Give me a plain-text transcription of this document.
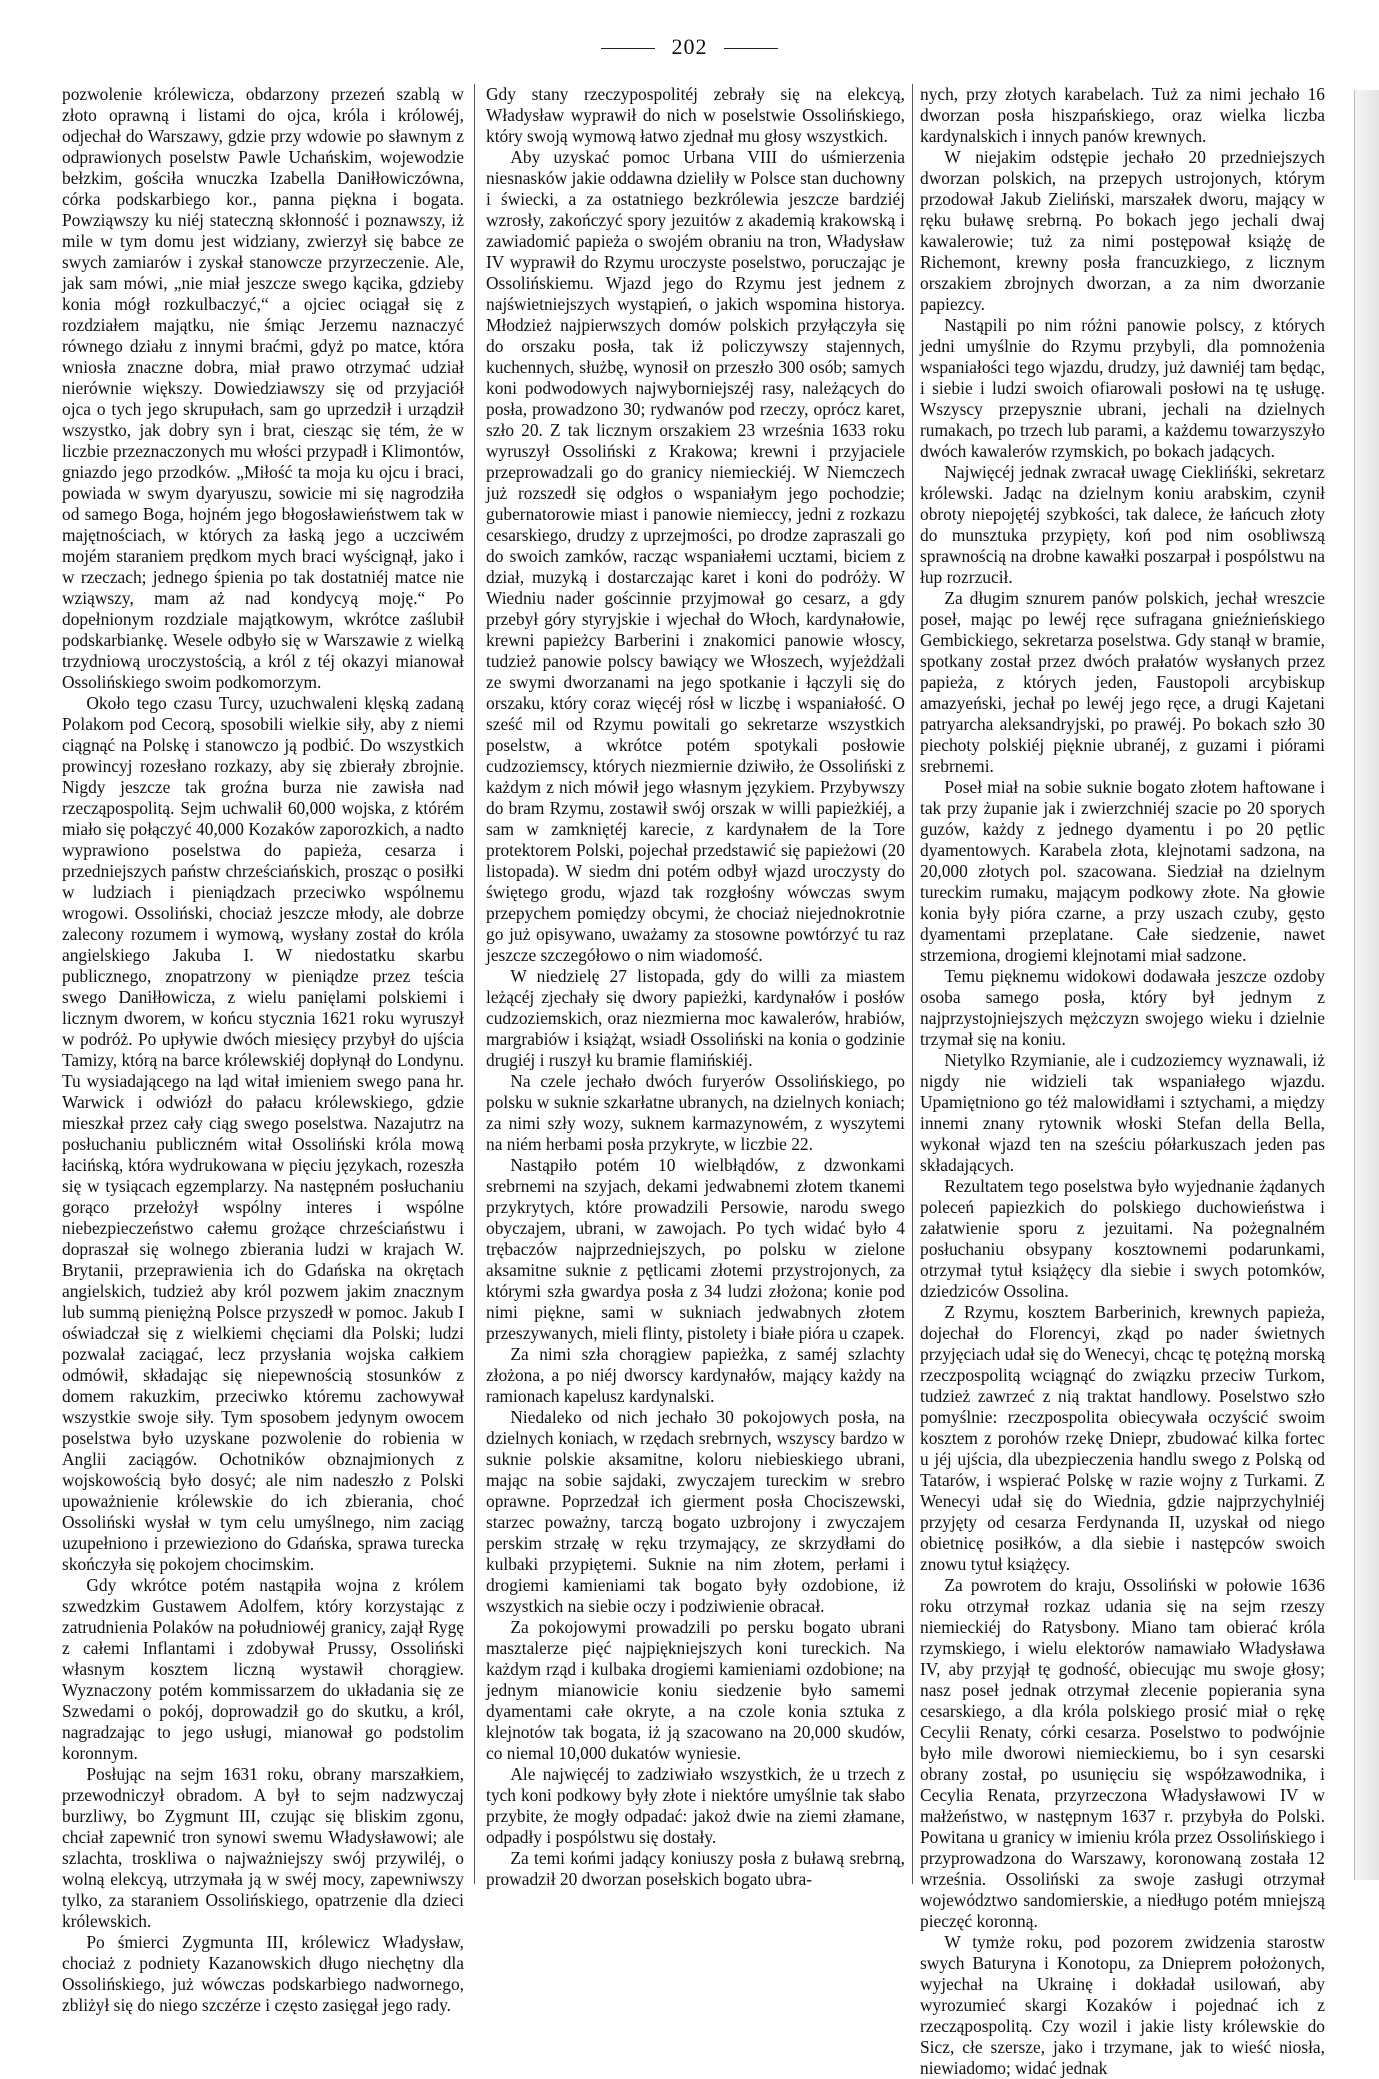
202

pozwolenie królewicza, obdarzony przezeń szablą w złoto oprawną i listami do ojca, króla i królowéj, odjechał do Warszawy, gdzie przy wdowie po sławnym z odprawionych poselstw Pawle Uchańskim, wojewodzie bełzkim, gościła wnuczka Izabella Daniłłowiczówna, córka podskarbiego kor., panna piękna i bogata. Powziąwszy ku niéj stateczną skłonność i poznawszy, iż mile w tym domu jest widziany, zwierzył się babce ze swych zamiarów i zyskał stanowcze przyrzeczenie. Ale, jak sam mówi, „nie miał jeszcze swego kącika, gdzieby konia mógł rozkulbaczyć,“ a ojciec ociągał się z rozdziałem majątku, nie śmiąc Jerzemu naznaczyć równego działu z innymi braćmi, gdyż po matce, która wniosła znaczne dobra, miał prawo otrzymać udział nierównie większy. Dowiedziawszy się od przyjaciół ojca o tych jego skrupułach, sam go uprzedził i urządził wszystko, jak dobry syn i brat, ciesząc się tém, że w liczbie przeznaczonych mu włości przypadł i Klimontów, gniazdo jego przodków. „Miłość ta moja ku ojcu i braci, powiada w swym dyaryuszu, sowicie mi się nagrodziła od samego Boga, hojném jego błogosławieństwem tak w majętnościach, w których za łaską jego a uczciwém mojém staraniem prędkom mych braci wyścignął, jako i w rzeczach; jednego śpienia po tak dostatniéj matce nie wziąwszy, mam aż nad kondycyą moję.“ Po dopełnionym rozdziale majątkowym, wkrótce zaślubił podskarbiankę. Wesele odbyło się w Warszawie z wielką trzydniową uroczystością, a król z téj okazyi mianował Ossolińskiego swoim podkomorzym.

Około tego czasu Turcy, uzuchwaleni klęską zadaną Polakom pod Cecorą, sposobili wielkie siły, aby z niemi ciągnąć na Polskę i stanowczo ją podbić. Do wszystkich prowincyj rozesłano rozkazy, aby się zbierały zbrojnie. Nigdy jeszcze tak groźna burza nie zawisła nad rzecząpospolitą. Sejm uchwalił 60,000 wojska, z którém miało się połączyć 40,000 Kozaków zaporozkich, a nadto wyprawiono poselstwa do papieża, cesarza i przedniejszych państw chrześciańskich, prosząc o posiłki w ludziach i pieniądzach przeciwko wspólnemu wrogowi. Ossoliński, chociaż jeszcze młody, ale dobrze zalecony rozumem i wymową, wysłany został do króla angielskiego Jakuba I. W niedostatku skarbu publicznego, znopatrzony w pieniądze przez teścia swego Daniłłowicza, z wielu panięlami polskiemi i licznym dworem, w końcu stycznia 1621 roku wyruszył w podróż. Po upływie dwóch miesięcy przybył do ujścia Tamizy, którą na barce królewskiéj dopłynął do Londynu. Tu wysiadającego na ląd witał imieniem swego pana hr. Warwick i odwiózł do pałacu królewskiego, gdzie mieszkał przez cały ciąg swego poselstwa. Nazajutrz na posłuchaniu publiczném witał Ossoliński króla mową łacińską, która wydrukowana w pięciu językach, rozeszła się w tysiącach egzemplarzy. Na następném posłuchaniu gorąco przełożył wspólny interes i wspólne niebezpieczeństwo całemu grożące chrześciaństwu i dopraszał się wolnego zbierania ludzi w krajach W. Brytanii, przeprawienia ich do Gdańska na okrętach angielskich, tudzież aby król pozwem jakim znacznym lub summą pieniężną Polsce przyszedł w pomoc. Jakub I oświadczał się z wielkiemi chęciami dla Polski; ludzi pozwalał zaciągać, lecz przysłania wojska całkiem odmówił, składając się niepewnością stosunków z domem rakuzkim, przeciwko któremu zachowywał wszystkie swoje siły. Tym sposobem jedynym owocem poselstwa było uzyskane pozwolenie do robienia w Anglii zaciągów. Ochotników obznajmionych z wojskowością było dosyć; ale nim nadeszło z Polski upoważnienie królewskie do ich zbierania, choć Ossoliński wysłał w tym celu umyślnego, nim zaciąg uzupełniono i przewieziono do Gdańska, sprawa turecka skończyła się pokojem chocimskim.

Gdy wkrótce potém nastąpiła wojna z królem szwedzkim Gustawem Adolfem, który korzystając z zatrudnienia Polaków na południowéj granicy, zajął Rygę z całemi Inflantami i zdobywał Prussy, Ossoliński własnym kosztem liczną wystawił chorągiew. Wyznaczony potém kommissarzem do układania się ze Szwedami o pokój, doprowadził go do skutku, a król, nagradzając to jego usługi, mianował go podstolim koronnym.

Posłując na sejm 1631 roku, obrany marszałkiem, przewodniczył obradom. A był to sejm nadzwyczaj burzliwy, bo Zygmunt III, czując się bliskim zgonu, chciał zapewnić tron synowi swemu Władysławowi; ale szlachta, troskliwa o najważniejszy swój przywiléj, o wolną elekcyą, utrzymała ją w swéj mocy, zapewniwszy tylko, za staraniem Ossolińskiego, opatrzenie dla dzieci królewskich.

Po śmierci Zygmunta III, królewicz Władysław, chociaż z podniety Kazanowskich długo niechętny dla Ossolińskiego, już wówczas podskarbiego nadwornego, zbliżył się do niego szczérze i często zasięgał jego rady.

Gdy stany rzeczypospolitéj zebrały się na elekcyą, Władysław wyprawił do nich w poselstwie Ossolińskiego, który swoją wymową łatwo zjednał mu głosy wszystkich.

Aby uzyskać pomoc Urbana VIII do uśmierzenia niesnasków jakie oddawna dzieliły w Polsce stan duchowny i świecki, a za ostatniego bezkrólewia jeszcze bardziéj wzrosły, zakończyć spory jezuitów z akademią krakowską i zawiadomić papieża o swojém obraniu na tron, Władysław IV wyprawił do Rzymu uroczyste poselstwo, poruczając je Ossolińskiemu. Wjazd jego do Rzymu jest jednem z najświetniejszych wystąpień, o jakich wspomina historya. Młodzież najpierwszych domów polskich przyłączyła się do orszaku posła, tak iż policzywszy stajennych, kuchennych, służbę, wynosił on przeszło 300 osób; samych koni podwodowych najwyborniejszéj rasy, należących do posła, prowadzono 30; rydwanów pod rzeczy, oprócz karet, szło 20. Z tak licznym orszakiem 23 września 1633 roku wyruszył Ossoliński z Krakowa; krewni i przyjaciele przeprowadzali go do granicy niemieckiéj. W Niemczech już rozszedł się odgłos o wspaniałym jego pochodzie; gubernatorowie miast i panowie niemieccy, jedni z rozkazu cesarskiego, drudzy z uprzejmości, po drodze zapraszali go do swoich zamków, racząc wspaniałemi ucztami, biciem z dział, muzyką i dostarczając karet i koni do podróży. W Wiedniu nader gościnnie przyjmował go cesarz, a gdy przebył góry styryjskie i wjechał do Włoch, kardynałowie, krewni papieżcy Barberini i znakomici panowie włoscy, tudzież panowie polscy bawiący we Włoszech, wyjeżdżali ze swymi dworzanami na jego spotkanie i łączyli się do orszaku, który coraz więcéj rósł w liczbę i wspaniałość. O sześć mil od Rzymu powitali go sekretarze wszystkich poselstw, a wkrótce potém spotykali posłowie cudzoziemscy, których niezmiernie dziwiło, że Ossoliński z każdym z nich mówił jego własnym językiem. Przybywszy do bram Rzymu, zostawił swój orszak w willi papieżkiéj, a sam w zamkniętéj karecie, z kardynałem de la Tore protektorem Polski, pojechał przedstawić się papieżowi (20 listopada). W siedm dni potém odbył wjazd uroczysty do świętego grodu, wjazd tak rozgłośny wówczas swym przepychem pomiędzy obcymi, że chociaż niejednokrotnie go już opisywano, uważamy za stosowne powtórzyć tu raz jeszcze szczegółowo o nim wiadomość.

W niedzielę 27 listopada, gdy do willi za miastem leżącéj zjechały się dwory papieżki, kardynałów i posłów cudzoziemskich, oraz niezmierna moc kawalerów, hrabiów, margrabiów i książąt, wsiadł Ossoliński na konia o godzinie drugiéj i ruszył ku bramie flamińskiéj.

Na czele jechało dwóch furyerów Ossolińskiego, po polsku w suknie szkarłatne ubranych, na dzielnych koniach; za nimi szły wozy, suknem karmazynowém, z wyszytemi na niém herbami posła przykryte, w liczbie 22.

Nastąpiło potém 10 wielbłądów, z dzwonkami srebrnemi na szyjach, dekami jedwabnemi złotem tkanemi przykrytych, które prowadzili Persowie, narodu swego obyczajem, ubrani, w zawojach. Po tych widać było 4 trębaczów najprzedniejszych, po polsku w zielone aksamitne suknie z pętlicami złotemi przystrojonych, za którymi szła gwardya posła z 34 ludzi złożona; konie pod nimi piękne, sami w sukniach jedwabnych złotem przeszywanych, mieli flinty, pistolety i białe pióra u czapek.

Za nimi szła chorągiew papieżka, z saméj szlachty złożona, a po niéj dworscy kardynałów, mający każdy na ramionach kapelusz kardynalski.

Niedaleko od nich jechało 30 pokojowych posła, na dzielnych koniach, w rzędach srebrnych, wszyscy bardzo w suknie polskie aksamitne, koloru niebieskiego ubrani, mając na sobie sajdaki, zwyczajem tureckim w srebro oprawne. Poprzedzał ich gierment posła Chociszewski, starzec poważny, tarczą bogato uzbrojony i zwyczajem perskim strzałę w ręku trzymający, ze skrzydłami do kulbaki przypiętemi. Suknie na nim złotem, perłami i drogiemi kamieniami tak bogato były ozdobione, iż wszystkich na siebie oczy i podziwienie obracał.

Za pokojowymi prowadzili po persku bogato ubrani masztalerze pięć najpiękniejszych koni tureckich. Na każdym rząd i kulbaka drogiemi kamieniami ozdobione; na jednym mianowicie koniu siedzenie było samemi dyamentami całe okryte, a na czole konia sztuka z klejnotów tak bogata, iż ją szacowano na 20,000 skudów, co niemal 10,000 dukatów wyniesie.

Ale najwięcéj to zadziwiało wszystkich, że u trzech z tych koni podkowy były złote i niektóre umyślnie tak słabo przybite, że mogły odpadać: jakoż dwie na ziemi złamane, odpadły i pospólstwu się dostały.

Za temi końmi jadący koniuszy posła z buławą srebrną, prowadził 20 dworzan posełskich bogato ubra-

nych, przy złotych karabelach. Tuż za nimi jechało 16 dworzan posła hiszpańskiego, oraz wielka liczba kardynalskich i innych panów krewnych.

W niejakim odstępie jechało 20 przedniejszych dworzan polskich, na przepych ustrojonych, którym przodował Jakub Zieliński, marszałek dworu, mający w ręku buławę srebrną. Po bokach jego jechali dwaj kawalerowie; tuż za nimi postępował książę de Richemont, krewny posła francuzkiego, z licznym orszakiem zbrojnych dworzan, a za nim dworzanie papiezcy.

Nastąpili po nim różni panowie polscy, z których jedni umyślnie do Rzymu przybyli, dla pomnożenia wspaniałości tego wjazdu, drudzy, już dawniéj tam będąc, i siebie i ludzi swoich ofiarowali posłowi na tę usługę. Wszyscy przepysznie ubrani, jechali na dzielnych rumakach, po trzech lub parami, a każdemu towarzyszyło dwóch kawalerów rzymskich, po bokach jadących.

Najwięcéj jednak zwracał uwagę Cieklińśki, sekretarz królewski. Jadąc na dzielnym koniu arabskim, czynił obroty niepojętéj szybkości, tak dalece, że łańcuch złoty do munsztuka przypięty, koń pod nim osobliwszą sprawnością na drobne kawałki poszarpał i pospólstwu na łup rozrzucił.

Za długim sznurem panów polskich, jechał wreszcie poseł, mając po lewéj ręce sufragana gnieźnieńskiego Gembickiego, sekretarza poselstwa. Gdy stanął w bramie, spotkany został przez dwóch prałatów wysłanych przez papieża, z których jeden, Faustopoli arcybiskup amazyeński, jechał po lewéj jego ręce, a drugi Kajetani patryarcha aleksandryjski, po prawéj. Po bokach szło 30 piechoty polskiéj pięknie ubranéj, z guzami i piórami srebrnemi.

Poseł miał na sobie suknie bogato złotem haftowane i tak przy żupanie jak i zwierzchniéj szacie po 20 sporych guzów, każdy z jednego dyamentu i po 20 pętlic dyamentowych. Karabela złota, klejnotami sadzona, na 20,000 złotych pol. szacowana. Siedział na dzielnym tureckim rumaku, mającym podkowy złote. Na głowie konia były pióra czarne, a przy uszach czuby, gęsto dyamentami przeplatane. Całe siedzenie, nawet strzemiona, drogiemi klejnotami miał sadzone.

Temu pięknemu widokowi dodawała jeszcze ozdoby osoba samego posła, który był jednym z najprzystojniejszych mężczyzn swojego wieku i dzielnie trzymał się na koniu.

Nietylko Rzymianie, ale i cudzoziemcy wyznawali, iż nigdy nie widzieli tak wspaniałego wjazdu. Upamiętniono go téż malowidłami i sztychami, a między innemi znany rytownik włoski Stefan della Bella, wykonał wjazd ten na sześciu półarkuszach jeden pas składających.

Rezultatem tego poselstwa było wyjednanie żądanych poleceń papiezkich do polskiego duchowieństwa i załatwienie sporu z jezuitami. Na pożegnalném posłuchaniu obsypany kosztownemi podarunkami, otrzymał tytuł książęcy dla siebie i swych potomków, dziedziców Ossolina.

Z Rzymu, kosztem Barberinich, krewnych papieża, dojechał do Florencyi, zkąd po nader świetnych przyjęciach udał się do Wenecyi, chcąc tę potężną morską rzeczpospolitą wciągnąć do związku przeciw Turkom, tudzież zawrzeć z nią traktat handlowy. Poselstwo szło pomyślnie: rzeczpospolita obiecywała oczyścić swoim kosztem z porohów rzekę Dniepr, zbudować kilka fortec u jéj ujścia, dla ubezpieczenia handlu swego z Polską od Tatarów, i wspierać Polskę w razie wojny z Turkami. Z Wenecyi udał się do Wiednia, gdzie najprzychylniéj przyjęty od cesarza Ferdynanda II, uzyskał od niego obietnicę posiłków, a dla siebie i następców swoich znowu tytuł książęcy.

Za powrotem do kraju, Ossoliński w połowie 1636 roku otrzymał rozkaz udania się na sejm rzeszy niemieckiéj do Ratysbony. Miano tam obierać króla rzymskiego, i wielu elektorów namawiało Władysława IV, aby przyjął tę godność, obiecując mu swoje głosy; nasz poseł jednak otrzymał zlecenie popierania syna cesarskiego, a dla króla polskiego prosić miał o rękę Cecylii Renaty, córki cesarza. Poselstwo to podwójnie było mile dworowi niemieckiemu, bo i syn cesarski obrany został, po usunięciu się współzawodnika, i Cecylia Renata, przyrzeczona Władysławowi IV w małżeństwo, w następnym 1637 r. przybyła do Polski. Powitana u granicy w imieniu króla przez Ossolińskiego i przyprowadzona do Warszawy, koronowaną została 12 września. Ossoliński za swoje zasługi otrzymał województwo sandomierskie, a niedługo potém mniejszą pieczęć koronną.

W tymże roku, pod pozorem zwidzenia starostw swych Baturyna i Konotopu, za Dnieprem położonych, wyjechał na Ukrainę i dokładał usilowań, aby wyrozumieć skargi Kozaków i pojednać ich z rzecząpospolitą. Czy wozil i jakie listy królewskie do Sicz, cłe szersze, jako i trzymane, jak to wieść niosła, niewiadomo; widać jednak
